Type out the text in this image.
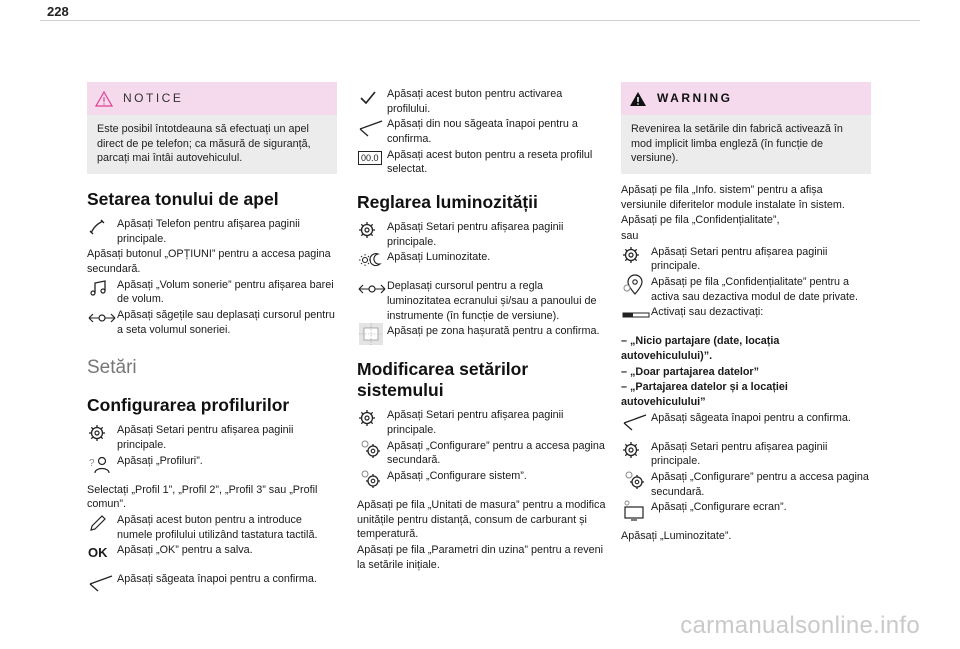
228
NOTICE
Este posibil întotdeauna să efectuați un apel direct de pe telefon; ca măsură de siguranță, parcați mai întâi autovehiculul.
Setarea tonului de apel
Apăsați Telefon pentru afișarea paginii principale.

Apăsați butonul „OPȚIUNI” pentru a accesa pagina secundară.

Apăsați „Volum sonerie” pentru afișarea barei de volum.
Apăsați săgețile sau deplasați cursorul pentru a seta volumul soneriei.
Setări
Configurarea profilurilor
Apăsați Setari pentru afișarea paginii principale.
? Apăsați „Profiluri”.

Selectați „Profil 1”, „Profil 2”, „Profil 3” sau „Profil comun”.

Apăsați acest buton pentru a introduce numele profilului utilizând tastatura tactilă.
OK Apăsați „OK” pentru a salva.
Apăsați săgeata înapoi pentru a confirma.
Apăsați acest buton pentru activarea profilului.
Apăsați din nou săgeata înapoi pentru a confirma.
00.0 Apăsați acest buton pentru a reseta profilul selectat.
Reglarea luminozității
Apăsați Setari pentru afișarea paginii principale.
Apăsați Luminozitate.
Deplasați cursorul pentru a regla luminozitatea ecranului și/sau a panoului de instrumente (în funcție de versiune).
Apăsați pe zona hașurată pentru a confirma.
Modificarea setărilor sistemului
Apăsați Setari pentru afișarea paginii principale.
Apăsați „Configurare” pentru a accesa pagina secundară.
Apăsați „Configurare sistem”.

Apăsați pe fila „Unitati de masura” pentru a modifica unitățile pentru distanță, consum de carburant și temperatură.

Apăsați pe fila „Parametri din uzina” pentru a reveni la setările inițiale.

WARNING
Revenirea la setările din fabrică activează în mod implicit limba engleză (în funcție de versiune).

Apăsați pe fila „Info. sistem” pentru a afișa versiunile diferitelor module instalate în sistem.

Apăsați pe fila „Confidențialitate”,

sau

Apăsați Setari pentru afișarea paginii principale.
Apăsați pe fila „Confidențialitate” pentru a activa sau dezactiva modul de date private.
Activați sau dezactivați:

– „Nicio partajare (date, locația autovehiculului)”.

– „Doar partajarea datelor”

– „Partajarea datelor și a locației autovehiculului”

Apăsați săgeata înapoi pentru a confirma.
Apăsați Setari pentru afișarea paginii principale.
Apăsați „Configurare” pentru a accesa pagina secundară.
Apăsați „Configurare ecran”.

Apăsați „Luminozitate”.

carmanualsonline.info
